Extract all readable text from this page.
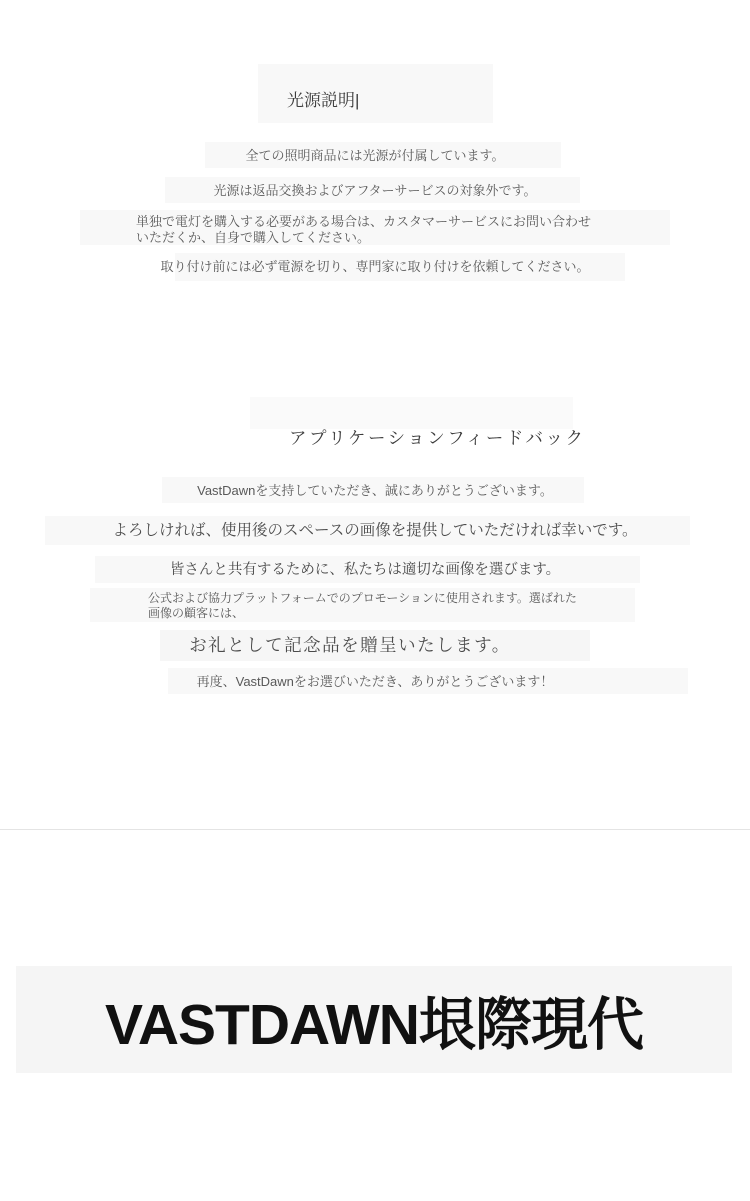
光源説明|
全ての照明商品には光源が付属しています。
光源は返品交換およびアフターサービスの対象外です。
単独で電灯を購入する必要がある場合は、カスタマーサービスにお問い合わせいただくか、自身で購入してください。
取り付け前には必ず電源を切り、専門家に取り付けを依頼してください。
アプリケーションフィードバック
VastDawnを支持していただき、誠にありがとうございます。
よろしければ、使用後のスペースの画像を提供していただければ幸いです。
皆さんと共有するために、私たちは適切な画像を選びます。
公式および協力プラットフォームでのプロモーションに使用されます。選ばれた画像の顧客には、
お礼として記念品を贈呈いたします。
再度、VastDawnをお選びいただき、ありがとうございます！
VASTDAWN垠際現代
